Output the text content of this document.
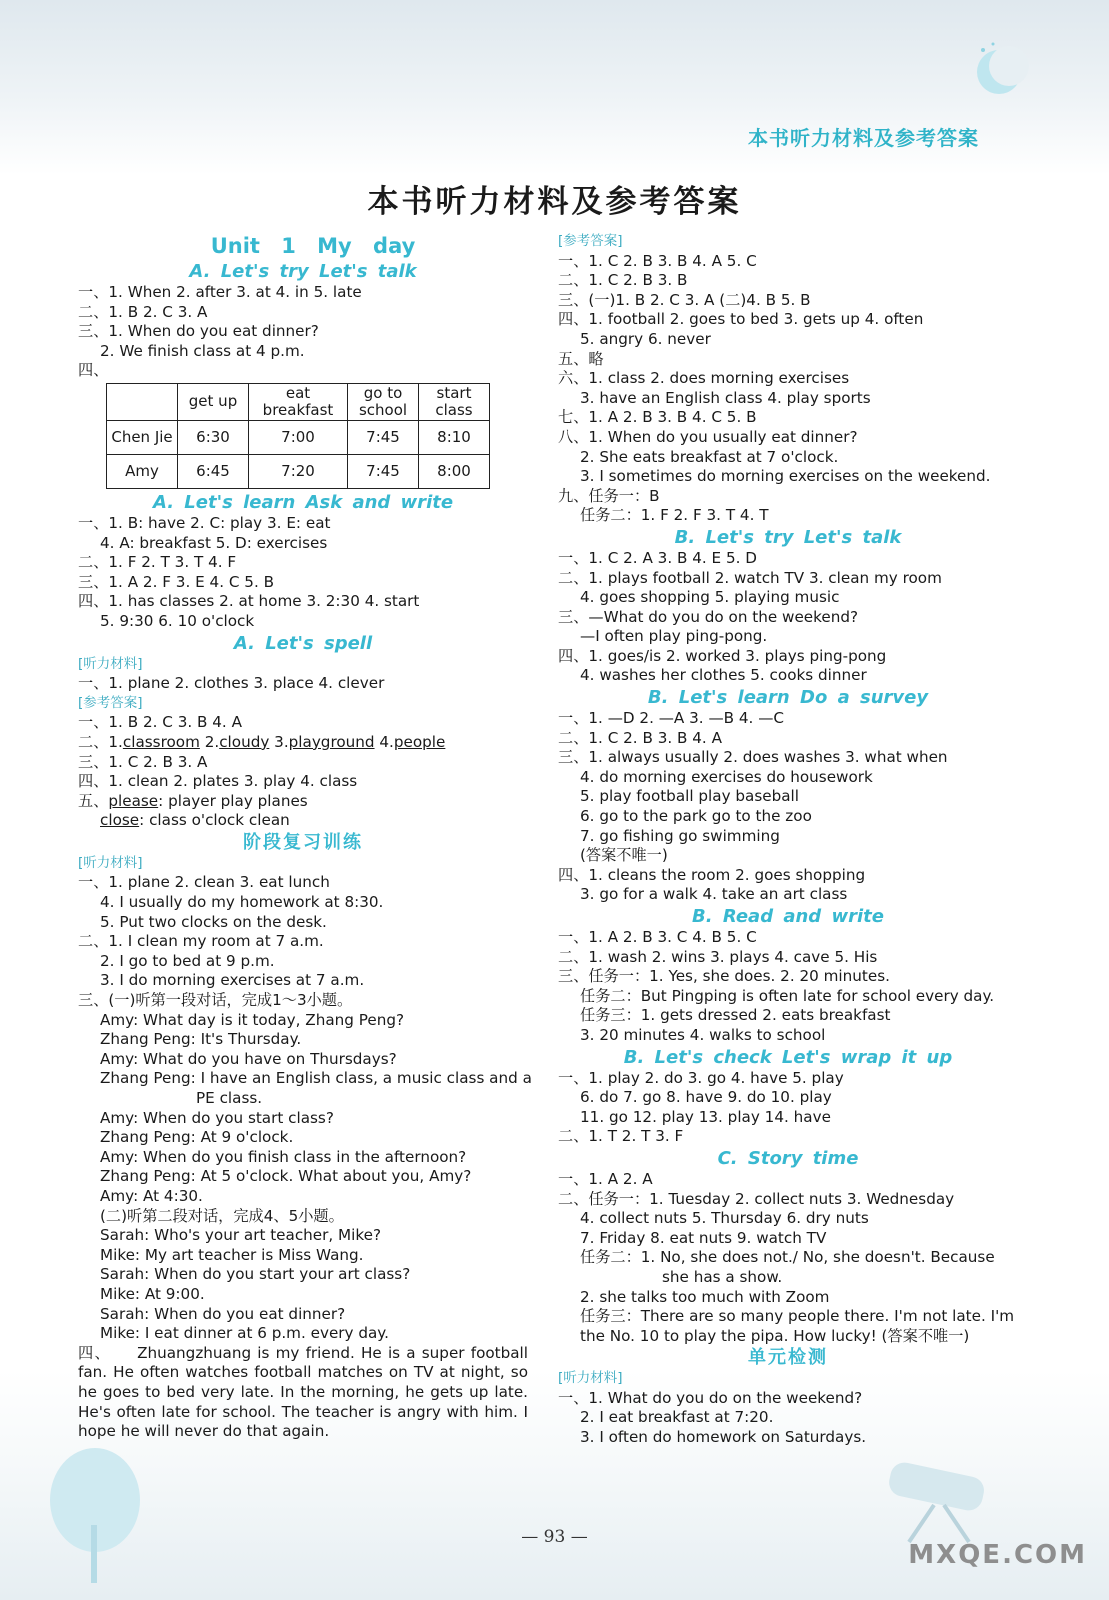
本书听力材料及参考答案
本书听力材料及参考答案
Unit 1 My day
A. Let's try Let's talk
一、1. When 2. after 3. at 4. in 5. late
二、1. B 2. C 3. A
三、1. When do you eat dinner?
2. We finish class at 4 p.m.
四、
	get up	eat breakfast	go to school	start class
Chen Jie	6:30	7:00	7:45	8:10
Amy	6:45	7:20	7:45	8:00
A. Let's learn Ask and write
一、1. B: have 2. C: play 3. E: eat
4. A: breakfast 5. D: exercises
二、1. F 2. T 3. T 4. F
三、1. A 2. F 3. E 4. C 5. B
四、1. has classes 2. at home 3. 2:30 4. start
5. 9:30 6. 10 o'clock
A. Let's spell
[听力材料]
一、1. plane 2. clothes 3. place 4. clever
[参考答案]
一、1. B 2. C 3. B 4. A
二、1.classroom 2.cloudy 3.playground 4.people
三、1. C 2. B 3. A
四、1. clean 2. plates 3. play 4. class
五、please: player play planes
close: class o'clock clean
阶段复习训练
[听力材料]
一、1. plane 2. clean 3. eat lunch
4. I usually do my homework at 8:30.
5. Put two clocks on the desk.
二、1. I clean my room at 7 a.m.
2. I go to bed at 9 p.m.
3. I do morning exercises at 7 a.m.
三、(一)听第一段对话，完成1～3小题。
Amy: What day is it today, Zhang Peng?
Zhang Peng: It's Thursday.
Amy: What do you have on Thursdays?
Zhang Peng: I have an English class, a music class and a
PE class.
Amy: When do you start class?
Zhang Peng: At 9 o'clock.
Amy: When do you finish class in the afternoon?
Zhang Peng: At 5 o'clock. What about you, Amy?
Amy: At 4:30.
(二)听第二段对话，完成4、5小题。
Sarah: Who's your art teacher, Mike?
Mike: My art teacher is Miss Wang.
Sarah: When do you start your art class?
Mike: At 9:00.
Sarah: When do you eat dinner?
Mike: I eat dinner at 6 p.m. every day.
四、 Zhuangzhuang is my friend. He is a super football fan. He often watches football matches on TV at night, so he goes to bed very late. In the morning, he gets up late. He's often late for school. The teacher is angry with him. I hope he will never do that again.
[参考答案]
一、1. C 2. B 3. B 4. A 5. C
二、1. C 2. B 3. B
三、(一)1. B 2. C 3. A (二)4. B 5. B
四、1. football 2. goes to bed 3. gets up 4. often
5. angry 6. never
五、略
六、1. class 2. does morning exercises
3. have an English class 4. play sports
七、1. A 2. B 3. B 4. C 5. B
八、1. When do you usually eat dinner?
2. She eats breakfast at 7 o'clock.
3. I sometimes do morning exercises on the weekend.
九、任务一：B
任务二：1. F 2. F 3. T 4. T
B. Let's try Let's talk
一、1. C 2. A 3. B 4. E 5. D
二、1. plays football 2. watch TV 3. clean my room
4. goes shopping 5. playing music
三、—What do you do on the weekend?
—I often play ping-pong.
四、1. goes/is 2. worked 3. plays ping-pong
4. washes her clothes 5. cooks dinner
B. Let's learn Do a survey
一、1. —D 2. —A 3. —B 4. —C
二、1. C 2. B 3. B 4. A
三、1. always usually 2. does washes 3. what when
4. do morning exercises do housework
5. play football play baseball
6. go to the park go to the zoo
7. go fishing go swimming
(答案不唯一)
四、1. cleans the room 2. goes shopping
3. go for a walk 4. take an art class
B. Read and write
一、1. A 2. B 3. C 4. B 5. C
二、1. wash 2. wins 3. plays 4. cave 5. His
三、任务一：1. Yes, she does. 2. 20 minutes.
任务二：But Pingping is often late for school every day.
任务三：1. gets dressed 2. eats breakfast
3. 20 minutes 4. walks to school
B. Let's check Let's wrap it up
一、1. play 2. do 3. go 4. have 5. play
6. do 7. go 8. have 9. do 10. play
11. go 12. play 13. play 14. have
二、1. T 2. T 3. F
C. Story time
一、1. A 2. A
二、任务一：1. Tuesday 2. collect nuts 3. Wednesday
4. collect nuts 5. Thursday 6. dry nuts
7. Friday 8. eat nuts 9. watch TV
任务二：1. No, she does not./ No, she doesn't. Because
she has a show.
2. she talks too much with Zoom
任务三：There are so many people there. I'm not late. I'm
the No. 10 to play the pipa. How lucky! (答案不唯一)
单元检测
[听力材料]
一、1. What do you do on the weekend?
2. I eat breakfast at 7:20.
3. I often do homework on Saturdays.
— 93 —
MXQE.COM
